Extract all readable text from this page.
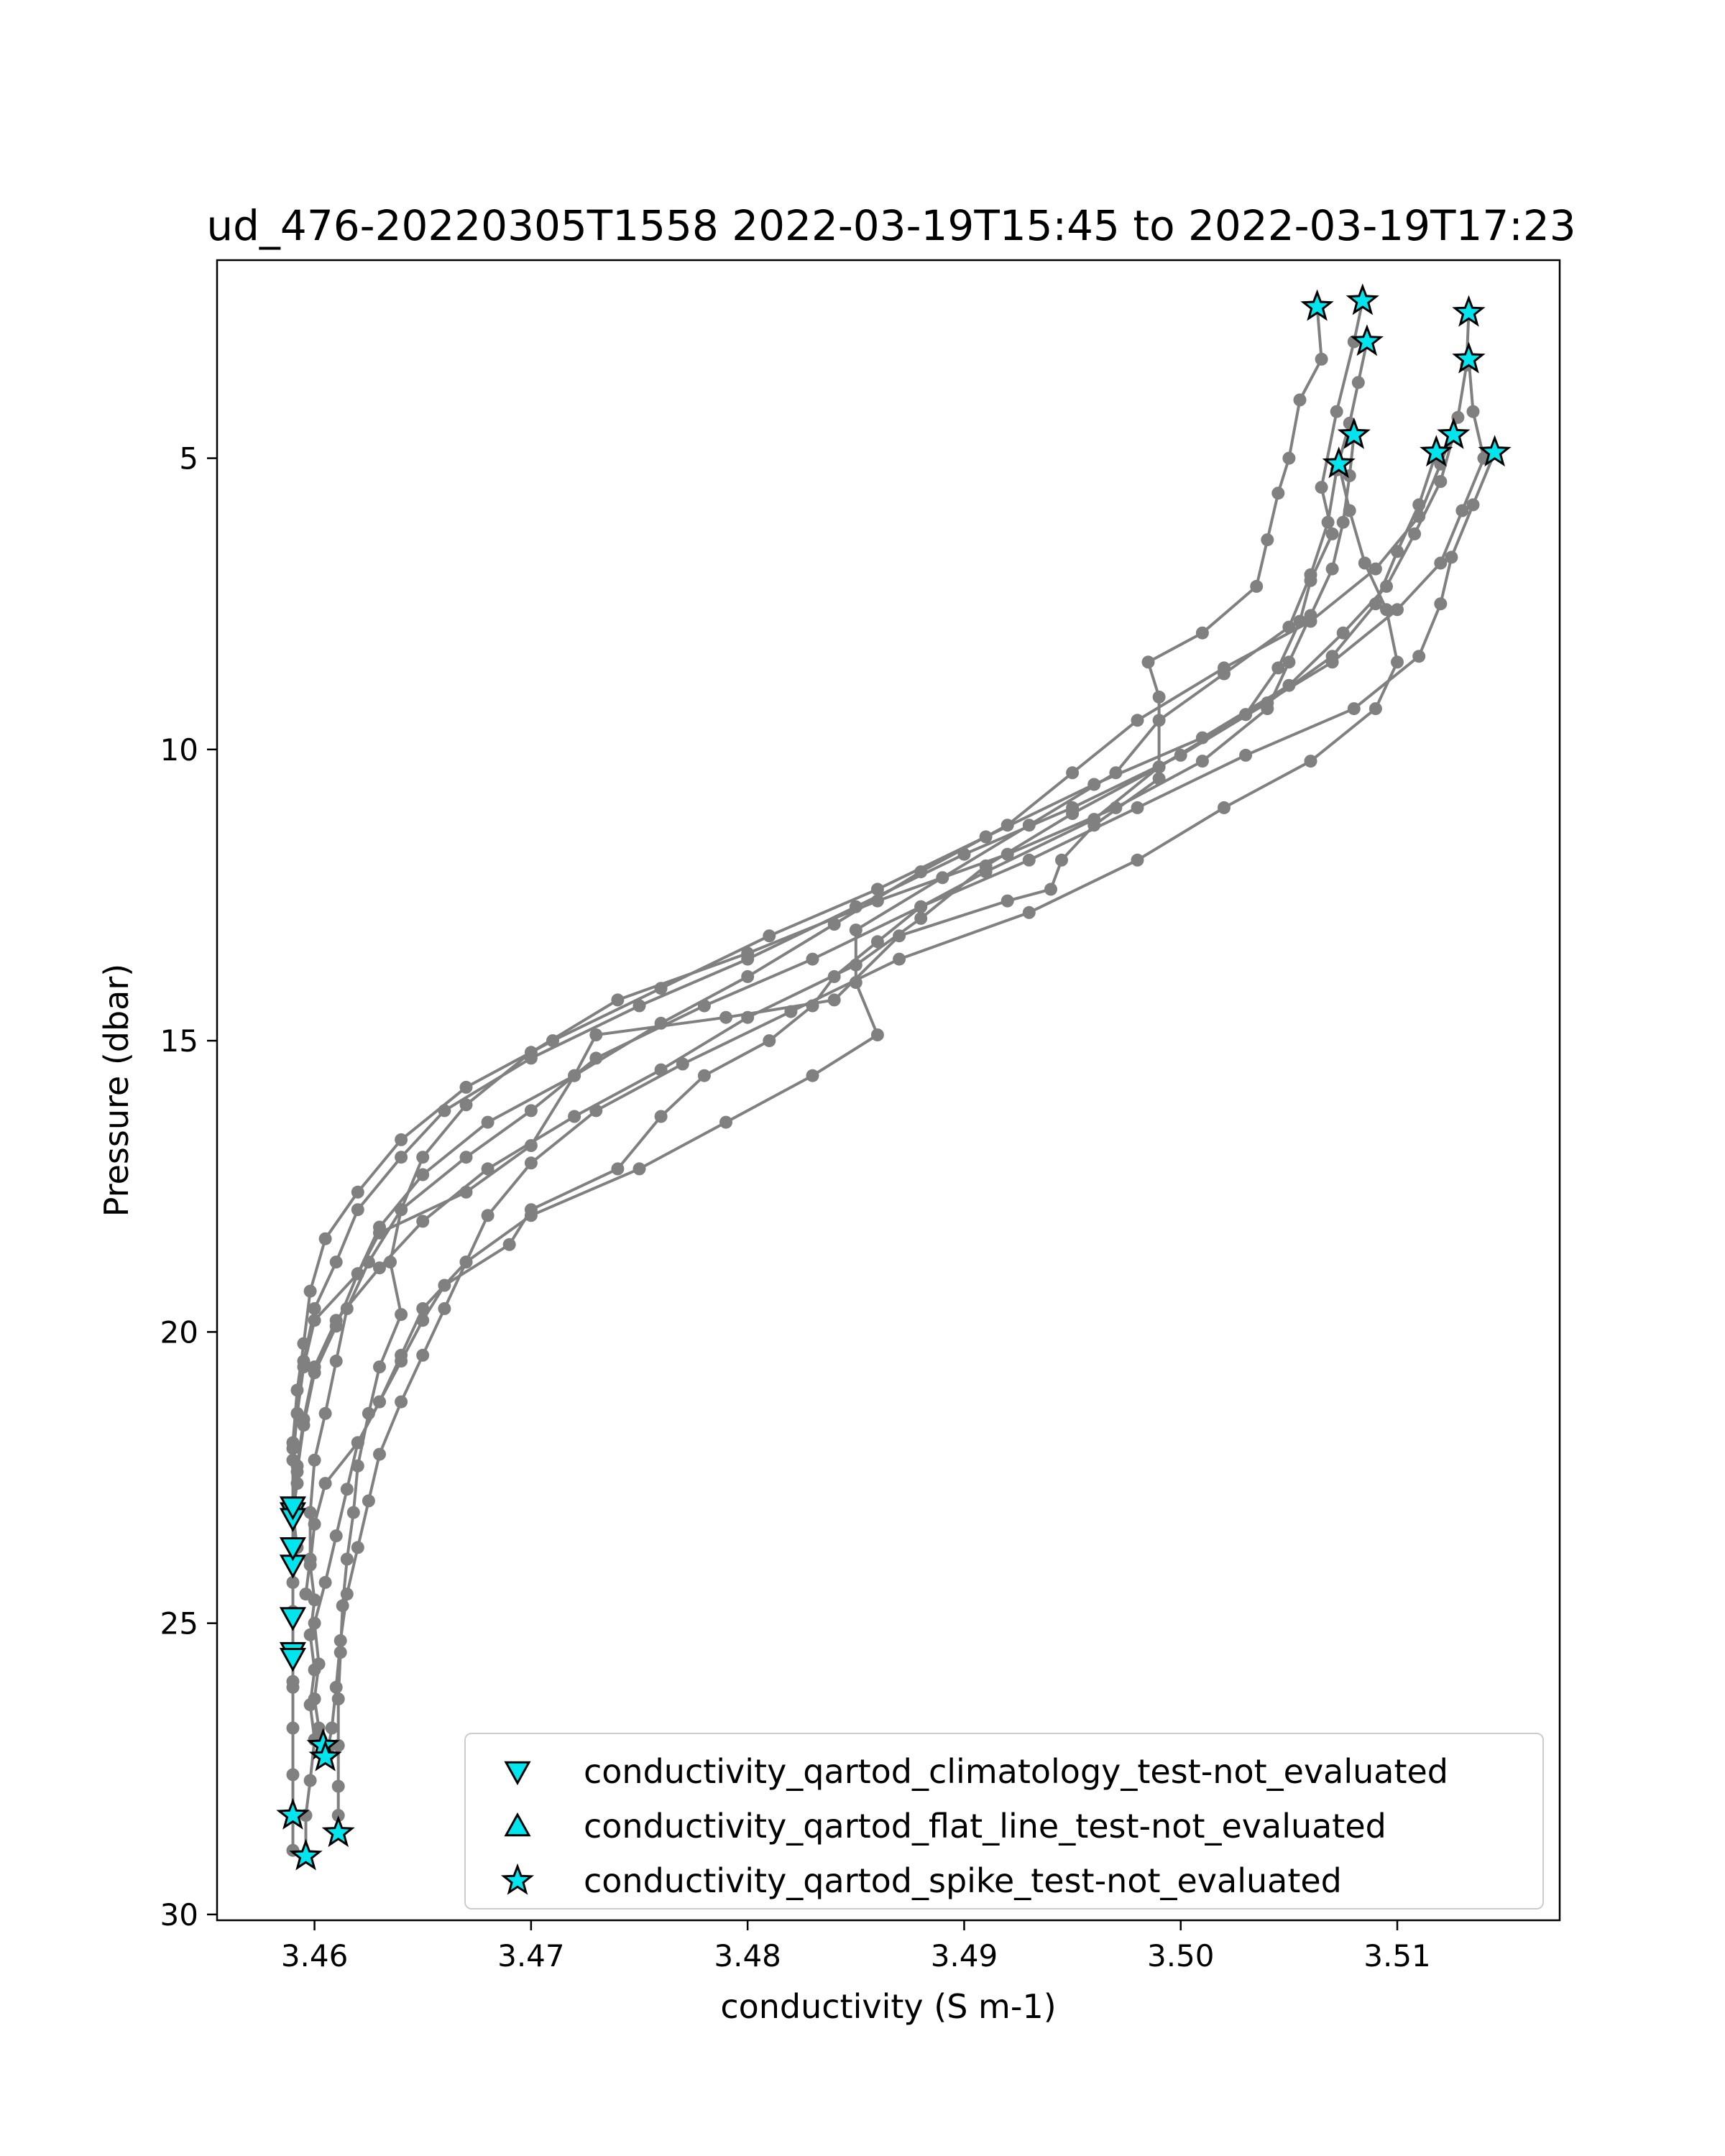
ud_476-20220305T1558 2022-03-19T15:45 to 2022-03-19T17:23
3.46	3.47	3.48	3.49	3.50	3.51
5
10
15
20
25
30
conductivity (S m-1)
Pressure (dbar)
conductivity_qartod_climatology_test-not_evaluated
conductivity_qartod_flat_line_test-not_evaluated
conductivity_qartod_spike_test-not_evaluated
